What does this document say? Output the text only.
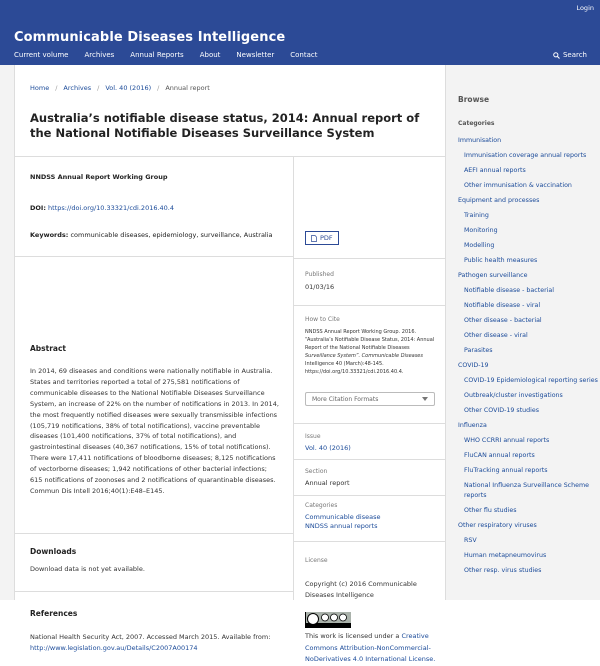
Login
Communicable Diseases Intelligence
Current volume Archives Annual Reports About Newsletter Contact	Search
Home / Archives / Vol. 40 (2016) / Annual report
Australia’s notifiable disease status, 2014: Annual report of the National Notifiable Diseases Surveillance System
NNDSS Annual Report Working Group
DOI: https://doi.org/10.33321/cdi.2016.40.4
Keywords: communicable diseases, epidemiology, surveillance, Australia
Abstract

In 2014, 69 diseases and conditions were nationally notifiable in Australia.

States and territories reported a total of 275,581 notifications of

communicable diseases to the National Notifiable Diseases Surveillance

System, an increase of 22% on the number of notifications in 2013. In 2014,

the most frequently notified diseases were sexually transmissible infections

(105,719 notifications, 38% of total notifications), vaccine preventable

diseases (101,400 notifications, 37% of total notifications), and

gastrointestinal diseases (40,367 notifications, 15% of total notifications).

There were 17,411 notifications of bloodborne diseases; 8,125 notifications

of vectorborne diseases; 1,942 notifications of other bacterial infections;

615 notifications of zoonoses and 2 notifications of quarantinable diseases.

Commun Dis Intell 2016;40(1):E48–E145.

Downloads
Download data is not yet available.
References
National Health Security Act, 2007. Accessed March 2015. Available from:
http://www.legislation.gov.au/Details/C2007A00174
PDF
Published
01/03/16
How to Cite

NNDSS Annual Report Working Group. 2016.

“Australia’s Notifiable Disease Status, 2014: Annual

Report of the National Notifiable Diseases

Surveillance System”. Communicable Diseases

Intelligence 40 (March):48-145.

https://doi.org/10.33321/cdi.2016.40.4.

More Citation Formats
Issue
Vol. 40 (2016)
Section
Annual report
Categories
Communicable disease
NNDSS annual reports
License
Copyright (c) 2016 Communicable
Diseases Intelligence
This work is licensed under a Creative
Commons Attribution-NonCommercial-
NoDerivatives 4.0 International License.
Browse
Categories
Immunisation
Immunisation coverage annual reports
AEFI annual reports
Other immunisation & vaccination
Equipment and processes
Training
Monitoring
Modelling
Public health measures
Pathogen surveillance
Notifiable disease - bacterial
Notifiable disease - viral
Other disease - bacterial
Other disease - viral
Parasites
COVID-19
COVID-19 Epidemiological reporting series
Outbreak/cluster investigations
Other COVID-19 studies
Influenza
WHO CCRRI annual reports
FluCAN annual reports
FluTracking annual reports
National Influenza Surveillance Scheme reports
Other flu studies
Other respiratory viruses
RSV
Human metapneumovirus
Other resp. virus studies
